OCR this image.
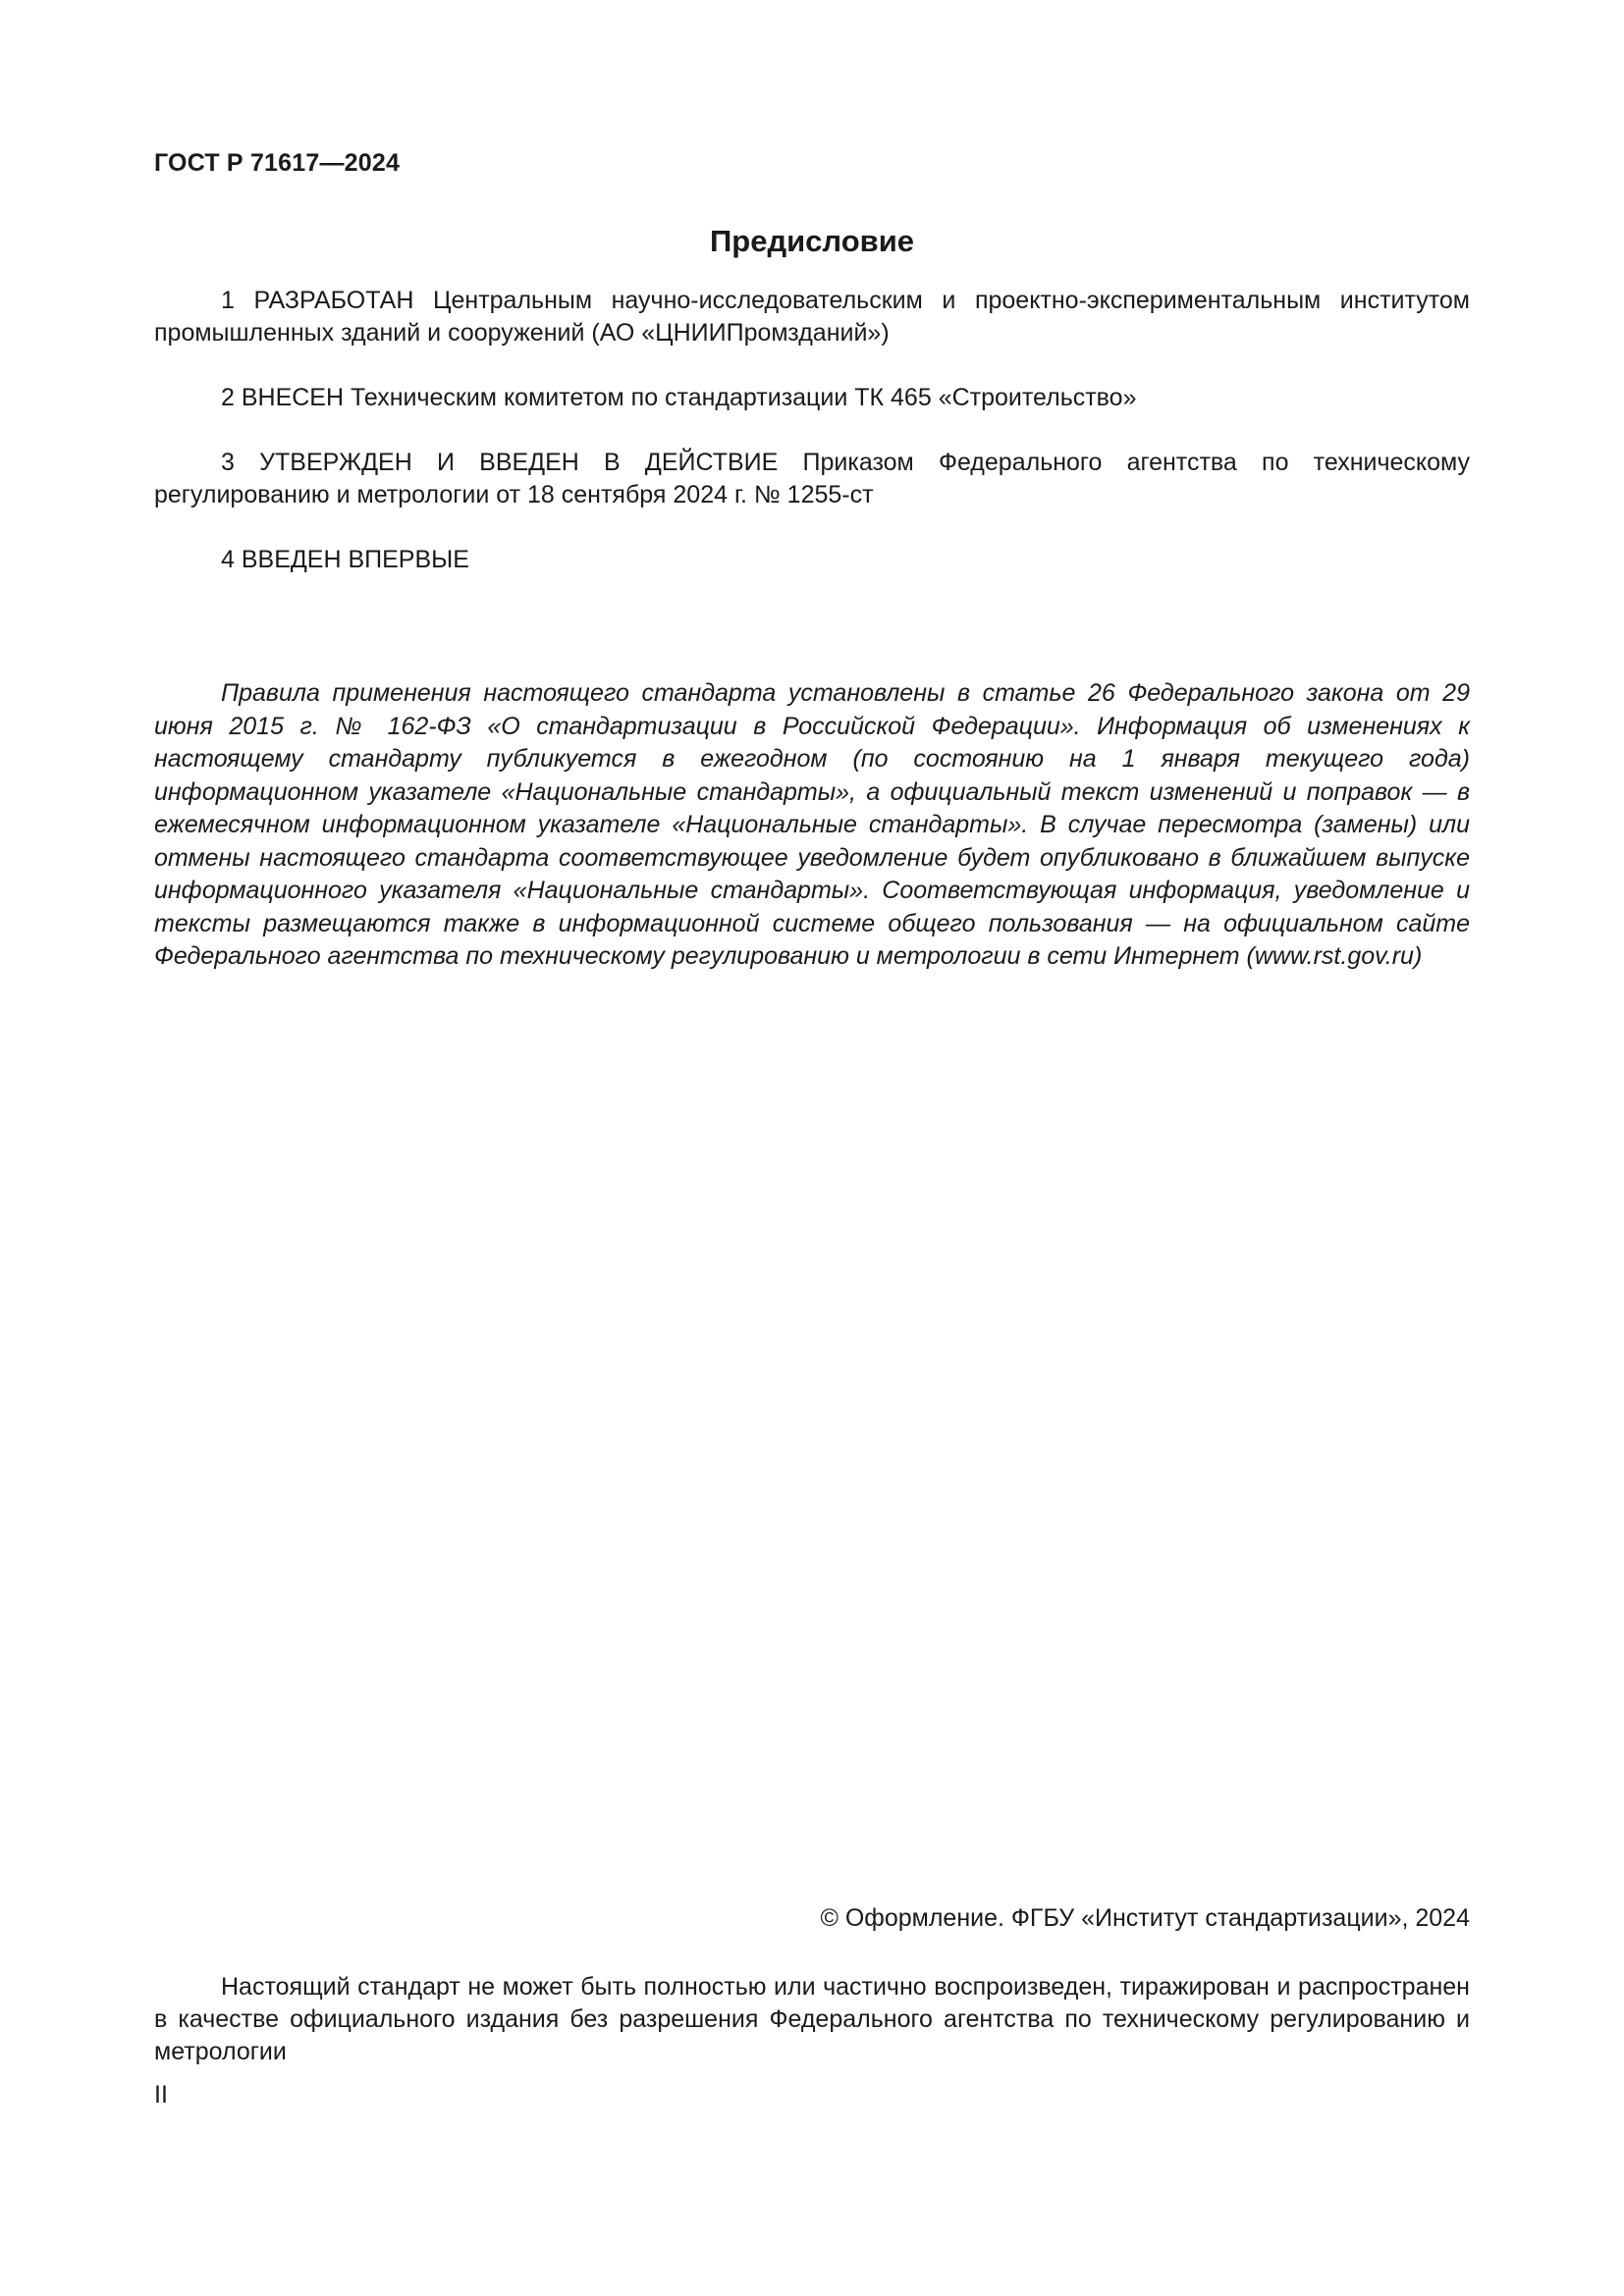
ГОСТ Р 71617—2024
Предисловие

1 РАЗРАБОТАН Центральным научно-исследовательским и проектно-экспериментальным институтом промышленных зданий и сооружений (АО «ЦНИИПромзданий»)

2 ВНЕСЕН Техническим комитетом по стандартизации ТК 465 «Строительство»

3 УТВЕРЖДЕН И ВВЕДЕН В ДЕЙСТВИЕ Приказом Федерального агентства по техническому регулированию и метрологии от 18 сентября 2024 г. № 1255-ст

4 ВВЕДЕН ВПЕРВЫЕ

Правила применения настоящего стандарта установлены в статье 26 Федерального закона от 29 июня 2015 г. № 162-ФЗ «О стандартизации в Российской Федерации». Информация об изменениях к настоящему стандарту публикуется в ежегодном (по состоянию на 1 января текущего года) информационном указателе «Национальные стандарты», а официальный текст изменений и поправок — в ежемесячном информационном указателе «Национальные стандарты». В случае пересмотра (замены) или отмены настоящего стандарта соответствующее уведомление будет опубликовано в ближайшем выпуске информационного указателя «Национальные стандарты». Соответствующая информация, уведомление и тексты размещаются также в информационной системе общего пользования — на официальном сайте Федерального агентства по техническому регулированию и метрологии в сети Интернет (www.rst.gov.ru)

© Оформление. ФГБУ «Институт стандартизации», 2024

Настоящий стандарт не может быть полностью или частично воспроизведен, тиражирован и распространен в качестве официального издания без разрешения Федерального агентства по техническому регулированию и метрологии

II
